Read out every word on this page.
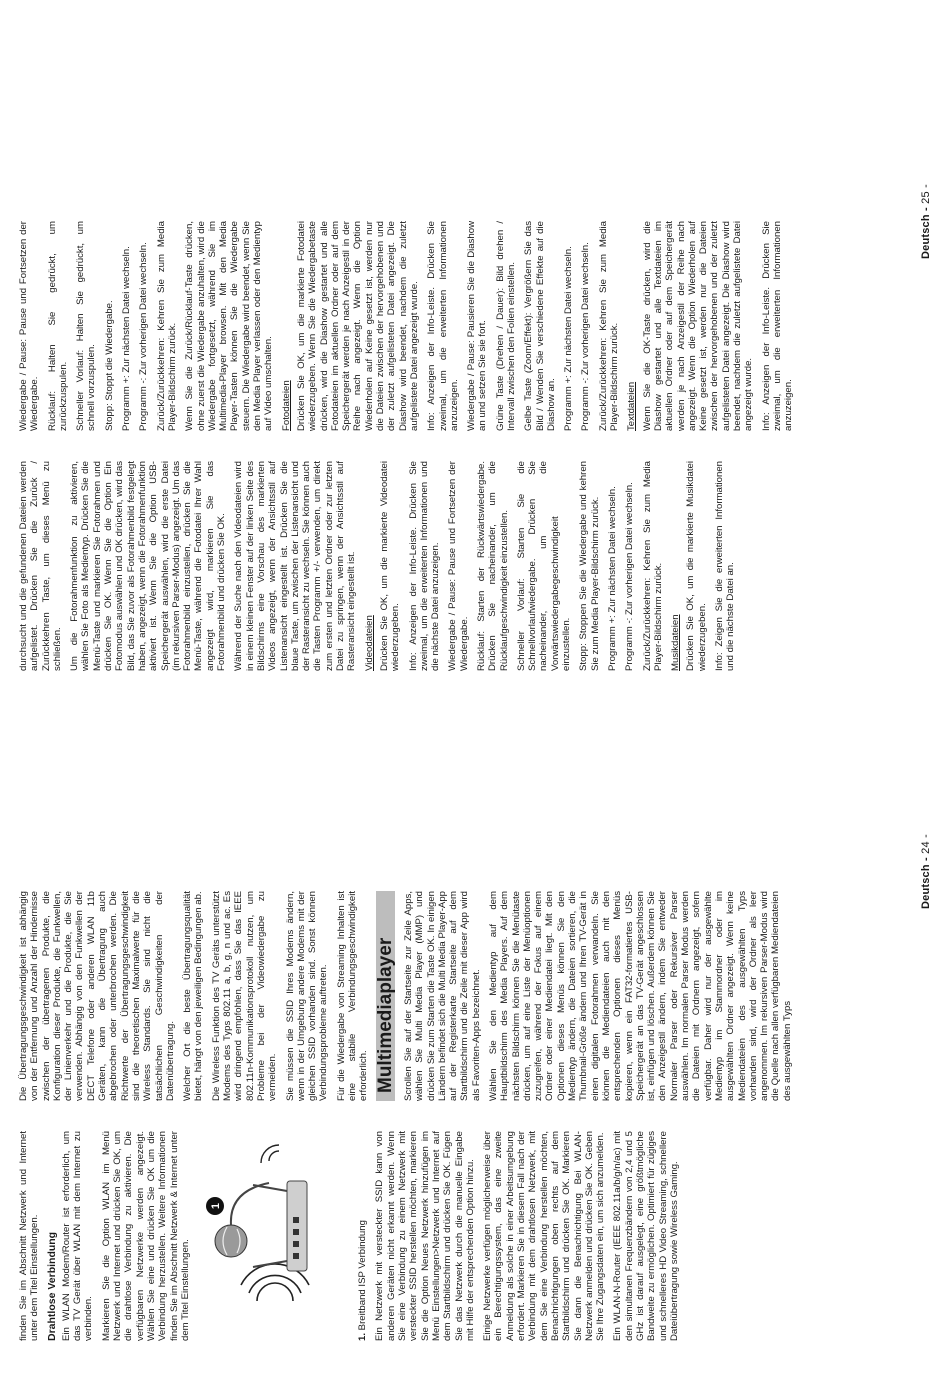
finden Sie im Abschnitt Netzwerk und Internet unter dem Titel Einstellungen. Drahtlose Verbindung Ein WLAN Modem/Router ist erforderlich, um das TV Gerät über WLAN mit dem Internet zu verbinden. Markieren Sie die Option WLAN im Menü Netzwerk und Internet und drücken Sie OK, um die drahtlose Verbindung zu aktivieren. Die verfügbaren Netzwerke werden angezeigt. Wählen Sie eine und drücken Sie OK um die Verbindung herzustellen. Weitere Informationen finden Sie im Abschnitt Netzwerk & Internet unter dem Titel Einstellungen.

1

1. Breitband ISP Verbindung Ein Netzwerk mit versteckter SSID kann von anderen Geräten nicht erkannt werden. Wenn Sie eine Verbindung zu einem Netzwerk mit versteckter SSID herstellen möchten, markieren Sie die Option Neues Netzwerk hinzufügen im Menü Einstellungen>Netzwerk und Internet auf dem Startbildschirm und drücken Sie OK. Fügen Sie das Netzwerk durch die manuelle Eingabe mit Hilfe der entsprechenden Option hinzu. Einige Netzwerke verfügen möglicherweise über ein Berechtigungssystem, das eine zweite Anmeldung als solche in einer Arbeitsumgebung erfordert. Markieren Sie in diesem Fall nach der Verbindung mit dem drahtlosen Netzwerk, mit dem Sie eine Verbindung herstellen möchten, Benachrichtigungen oben rechts auf dem Startbildschirm und drücken Sie OK. Markieren Sie dann die Benachrichtigung Bei WLAN-Netzwerk anmelden und drücken Sie OK. Geben Sie Ihre Zugangsdaten ein, um sich anzumelden. Ein WLAN-N-Router (IEEE 802.11a/b/g/n/ac) mit den simultanen Frequenzbändern von 2,4 und 5 GHz ist darauf ausgelegt, eine größtmögliche Bandweite zu ermöglichen. Optimiert für zügiges und schnelleres HD Video Streaming, schnellere Dateiübertragung sowie Wireless Gaming.

Die Übertragungsgeschwindigkeit ist abhängig von der Entfernung und Anzahl der Hindernisse zwischen der übertragenen Produkte, die Konfiguration dieser Produkte, die Funkwellen, der Linienverkehr und die Produkte, die Sie verwenden. Abhängig von den Funkwellen der DECT Telefone oder anderen WLAN 11b Geräten, kann die Übertragung auch abgebrochen oder unterbrochen werden. Die Richtwerte der Übertragungsgeschwindigkeit sind die theoretischen Maximalwerte für die Wireless Standards. Sie sind nicht die tatsächlichen Geschwindigkeiten der Datenübertragung. Welcher Ort die beste Übertragungsqualität bietet, hängt von den jeweiligen Bedingungen ab. Die Wireless Funktion des TV Geräts unterstützt Modems des Typs 802.11 a, b, g, n und ac. Es wird dringend empfohlen, dass Sie das IEEE 802.11n-Kommunikationsprotokoll nutzen, um Probleme bei der Videowiedergabe zu vermeiden. Sie müssen die SSID Ihres Modems ändern, wenn in der Umgebung andere Modems mit der gleichen SSID vorhanden sind. Sonst können Verbindungsprobleme auftreten. Für die Wiedergabe von Streaming Inhalten ist eine stabile Verbindungsgeschwindigkeit erforderlich. Multimediaplayer Scrollen Sie auf der Startseite zur Zeile Apps, wählen Sie Multi Media Player (MMP) und drücken Sie zum Starten die Taste OK. In einigen Ländern befindet sich die Multi Media Player-App auf der Registerkarte Startseite auf dem Startbildschirm und die Zeile mit dieser App wird als Favoriten-Apps bezeichnet. Wählen Sie den Medientyp auf dem Hauptbildschirm des Media Players. Auf dem nächsten Bildschirm können Sie die Menütaste drücken, um auf eine Liste der Menüoptionen zuzugreifen, während der Fokus auf einem Ordner oder einer Mediendatei liegt. Mit den Optionen dieses Menüs können Sie den Medientyp ändern, die Dateien sortieren, die Thumbnail-Größe ändern und Ihren TV-Gerät in einen digitalen Fotorahmen verwandeln. Sie können die Mediendateien auch mit den entsprechenden Optionen dieses Menüs kopieren, wenn ein FAT32-formatiertes USB-Speichergerät an das TV-Gerät angeschlossen ist, einfügen und löschen. Außerdem können Sie den Anzeigestil ändern, indem Sie entweder Normaler Parser oder Rekursiver Parser auswählen. Im normalen Parser Modus werden die Dateien mit Ordnern angezeigt, sofern verfügbar. Daher wird nur der ausgewählte Medientyp im Stammordner oder im ausgewählten Ordner angezeigt. Wenn keine Mediendateien des ausgewählten Typs vorhanden sind, wird der Ordner als leer angenommen. Im rekursiven Parser-Modus wird die Quelle nach allen verfügbaren Mediendateien des ausgewählten Typs

Deutsch - 24 -

durchsucht und die gefundenen Dateien werden aufgelistet. Drücken Sie die Zurück / Zurückkehren Taste, um dieses Menü zu schließen. Um die Fotorahmenfunktion zu aktivieren, wählen Sie Foto als Medientyp. Drücken Sie die Menü-Taste und markieren Sie Fotorahmen und drücken Sie OK. Wenn Sie die Option Ein Fotomodus auswählen und OK drücken, wird das Bild, das Sie zuvor als Fotorahmenbild festgelegt haben, angezeigt, wenn die Fotorahmenfunktion aktiviert ist. Wenn Sie die Option USB-Speichergerät auswählen, wird die erste Datei (im rekursiven Parser-Modus) angezeigt. Um das Fotorahmenbild einzustellen, drücken Sie die Menü-Taste, während die Fotodatei Ihrer Wahl angezeigt wird, markieren Sie das Fotorahmenbild und drücken Sie OK. Während der Suche nach den Videodateien wird in einem kleinen Fenster auf der linken Seite des Bildschirms eine Vorschau des markierten Videos angezeigt, wenn der Ansichtsstil auf Listenansicht eingestellt ist. Drücken Sie die blaue Taste, um zwischen der Listenansicht und der Rasteransicht zu wechseln. Sie können auch die Tasten Programm +/- verwenden, um direkt zum ersten und letzten Ordner oder zur letzten Datei zu springen, wenn der Ansichtsstil auf Rasteransicht eingestellt ist. Videodateien Drücken Sie OK, um die markierte Videodatei wiederzugeben. Info: Anzeigen der Info-Leiste. Drücken Sie zweimal, um die erweiterten Informationen und die nächste Datei anzuzeigen. Wiedergabe / Pause: Pause und Fortsetzen der Wiedergabe. Rücklauf: Starten der Rückwärtswiedergabe. Drücken Sie nacheinander, um die Rücklaufgeschwindigkeit einzustellen. Schneller Vorlauf: Starten Sie die Schnellvorlaufwiedergabe. Drücken Sie nacheinander, um die Vorwärtswiedergabegeschwindigkeit einzustellen. Stopp: Stoppen Sie die Wiedergabe und kehren Sie zum Media Player-Bildschirm zurück. Programm +: Zur nächsten Datei wechseln. Programm -: Zur vorherigen Datei wechseln. Zurück/Zurückkehren: Kehren Sie zum Media Player-Bildschirm zurück. Musikdateien Drücken Sie OK, um die markierte Musikdatei wiederzugeben. Info: Zeigen Sie die erweiterten Informationen und die nächste Datei an.

Wiedergabe / Pause: Pause und Fortsetzen der Wiedergabe. Rücklauf: Halten Sie gedrückt, um zurückzuspulen. Schneller Vorlauf: Halten Sie gedrückt, um schnell vorzuspulen. Stopp: Stoppt die Wiedergabe. Programm +: Zur nächsten Datei wechseln. Programm -: Zur vorherigen Datei wechseln. Zurück/Zurückkehren: Kehren Sie zum Media Player-Bildschirm zurück. Wenn Sie die Zurück/Rücklauf-Taste drücken, ohne zuerst die Wiedergabe anzuhalten, wird die Wiedergabe fortgesetzt, während Sie im Multimedia-Player browsen. Mit den Media Player-Tasten können Sie die Wiedergabe steuern. Die Wiedergabe wird beendet, wenn Sie den Media Player verlassen oder den Medientyp auf Video umschalten. Fotodateien Drücken Sie OK, um die markierte Fotodatei wiederzugeben. Wenn Sie die Wiedergabetaste drücken, wird die Diashow gestartet und alle Fotodateien im aktuellen Ordner oder auf dem Speichergerät werden je nach Anzeigestil in der Reihe nach angezeigt. Wenn die Option Wiederholen auf Keine gesetzt ist, werden nur die Dateien zwischen der hervorgehobenen und der zuletzt aufgelisteten Datei angezeigt. Die Diashow wird beendet, nachdem die zuletzt aufgelistete Datei angezeigt wurde. Info: Anzeigen der Info-Leiste. Drücken Sie zweimal, um die erweiterten Informationen anzuzeigen. Wiedergabe / Pause: Pausieren Sie die Diashow an und setzen Sie sie fort. Grüne Taste (Drehen / Dauer): Bild drehen / Intervall zwischen den Folien einstellen. Gelbe Taste (Zoom/Effekt): Vergrößern Sie das Bild / Wenden Sie verschiedene Effekte auf die Diashow an. Programm +: Zur nächsten Datei wechseln. Programm -: Zur vorherigen Datei wechseln. Zurück/Zurückkehren: Kehren Sie zum Media Player-Bildschirm zurück. Textdateien Wenn Sie die OK-Taste drücken, wird die Diashow gestartet und alle Textdateien im aktuellen Ordner oder auf dem Speichergerät werden je nach Anzeigestil der Reihe nach angezeigt. Wenn die Option Wiederholen auf Keine gesetzt ist, werden nur die Dateien zwischen der hervorgehobenen und der zuletzt aufgelisteten Datei angezeigt. Die Diashow wird beendet, nachdem die zuletzt aufgelistete Datei angezeigt wurde. Info: Anzeigen der Info-Leiste. Drücken Sie zweimal, um die erweiterten Informationen anzuzeigen.

Deutsch - 25 -
